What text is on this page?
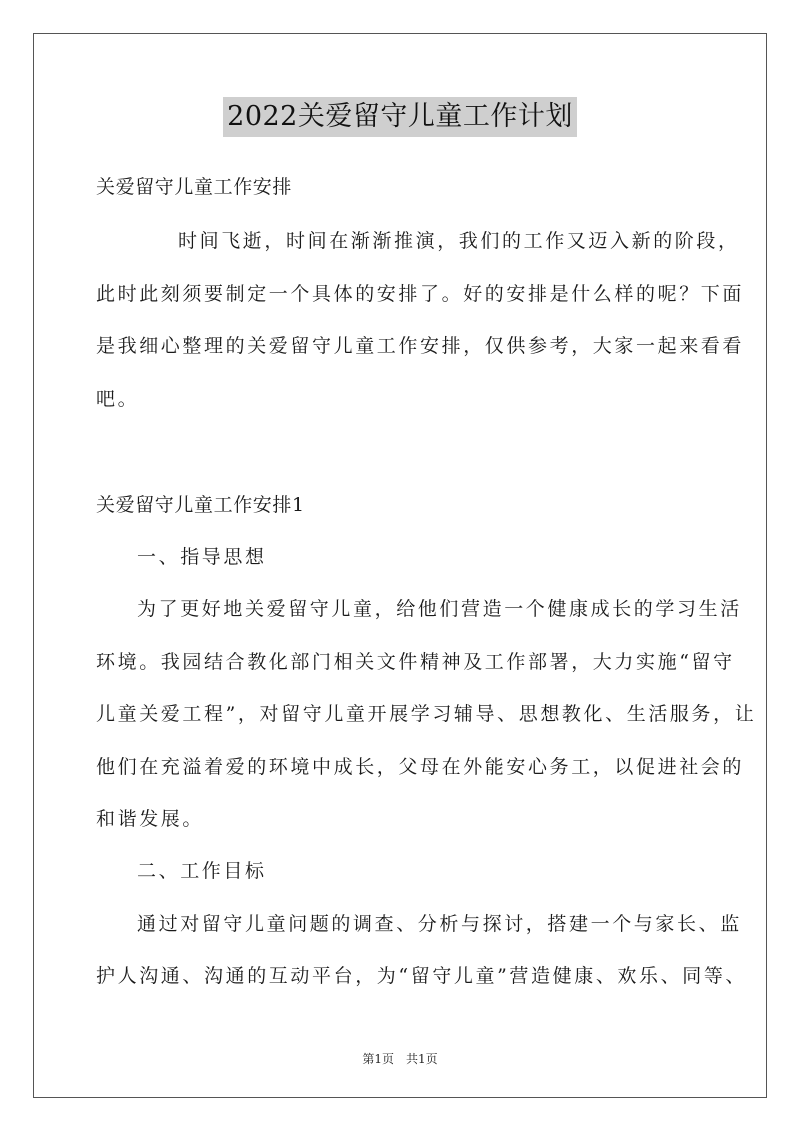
2022关爱留守儿童工作计划
关爱留守儿童工作安排
时间飞逝，时间在渐渐推演，我们的工作又迈入新的阶段，
此时此刻须要制定一个具体的安排了。好的安排是什么样的呢？下面
是我细心整理的关爱留守儿童工作安排，仅供参考，大家一起来看看
吧。
关爱留守儿童工作安排1
一、指导思想
为了更好地关爱留守儿童，给他们营造一个健康成长的学习生活
环境。我园结合教化部门相关文件精神及工作部署，大力实施“留守
儿童关爱工程”，对留守儿童开展学习辅导、思想教化、生活服务，让
他们在充溢着爱的环境中成长，父母在外能安心务工，以促进社会的
和谐发展。
二、工作目标
通过对留守儿童问题的调查、分析与探讨，搭建一个与家长、监
护人沟通、沟通的互动平台，为“留守儿童”营造健康、欢乐、同等、
第1页 共1页
